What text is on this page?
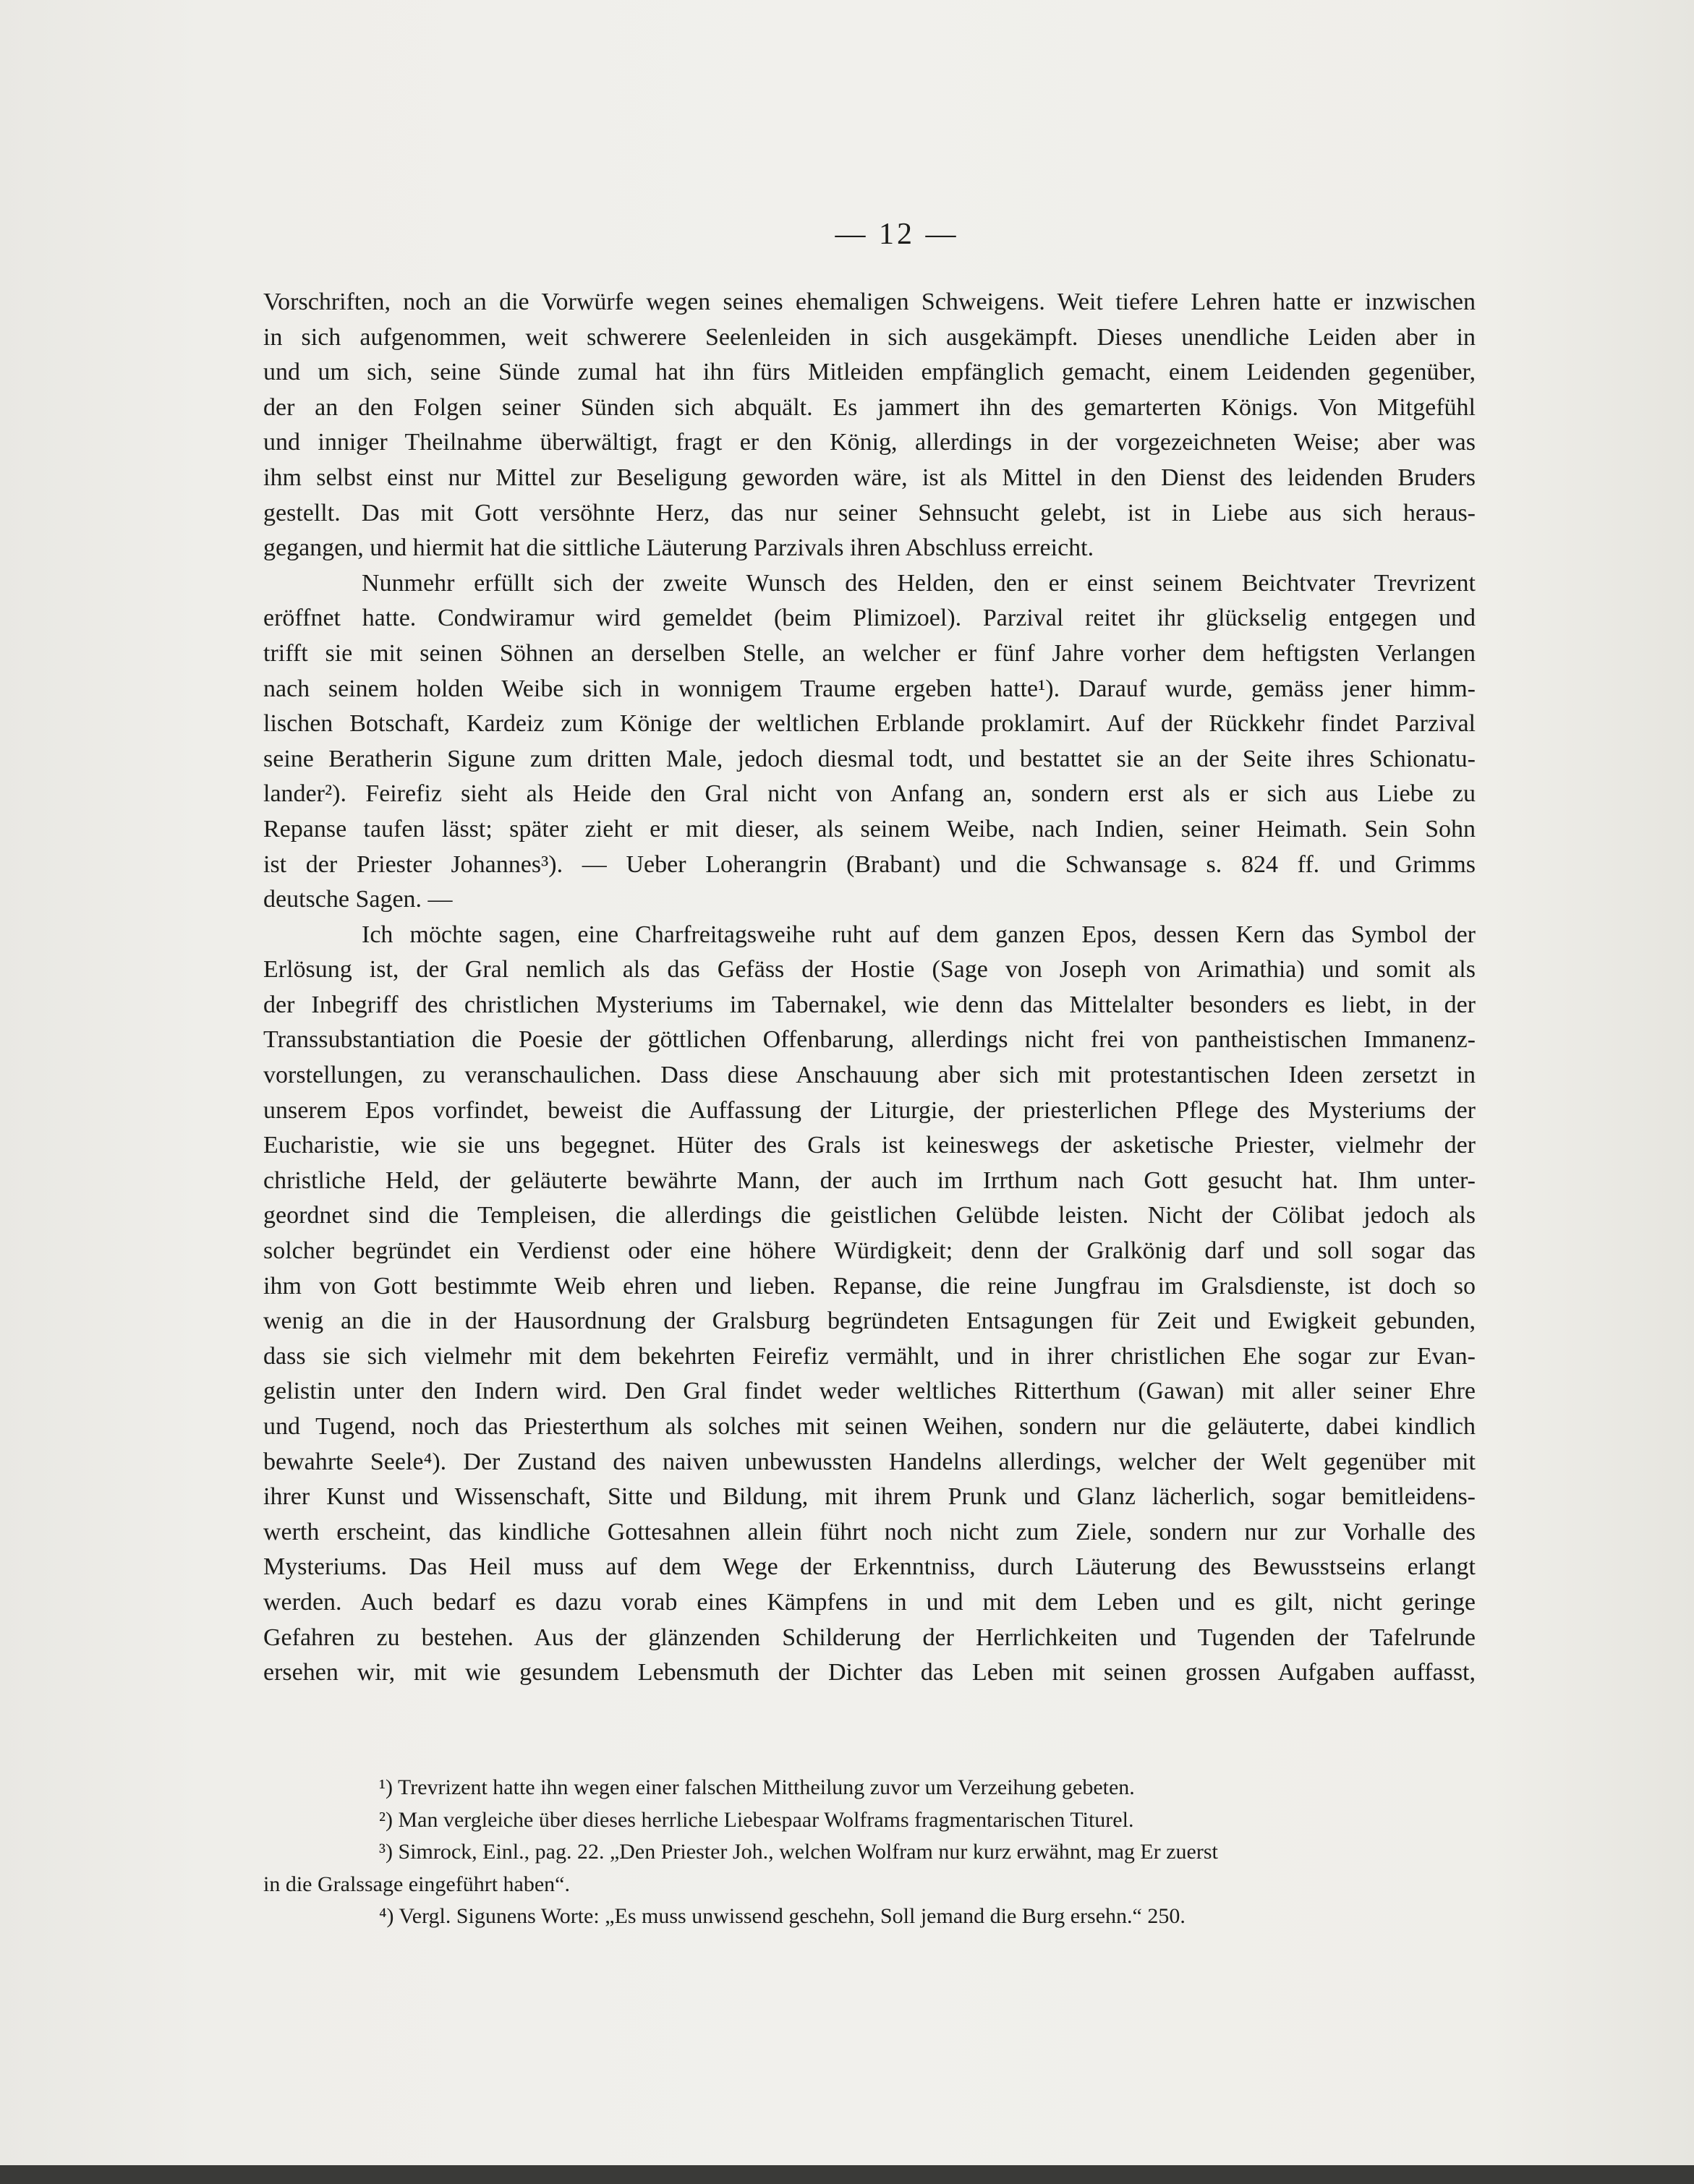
— 12 —
Vorschriften, noch an die Vorwürfe wegen seines ehemaligen Schweigens. Weit tiefere Lehren hatte er inzwischen
in sich aufgenommen, weit schwerere Seelenleiden in sich ausgekämpft. Dieses unendliche Leiden aber in
und um sich, seine Sünde zumal hat ihn fürs Mitleiden empfänglich gemacht, einem Leidenden gegenüber,
der an den Folgen seiner Sünden sich abquält. Es jammert ihn des gemarterten Königs. Von Mitgefühl
und inniger Theilnahme überwältigt, fragt er den König, allerdings in der vorgezeichneten Weise; aber was
ihm selbst einst nur Mittel zur Beseligung geworden wäre, ist als Mittel in den Dienst des leidenden Bruders
gestellt. Das mit Gott versöhnte Herz, das nur seiner Sehnsucht gelebt, ist in Liebe aus sich heraus-
gegangen, und hiermit hat die sittliche Läuterung Parzivals ihren Abschluss erreicht.
Nunmehr erfüllt sich der zweite Wunsch des Helden, den er einst seinem Beichtvater Trevrizent
eröffnet hatte. Condwiramur wird gemeldet (beim Plimizoel). Parzival reitet ihr glückselig entgegen und
trifft sie mit seinen Söhnen an derselben Stelle, an welcher er fünf Jahre vorher dem heftigsten Verlangen
nach seinem holden Weibe sich in wonnigem Traume ergeben hatte¹). Darauf wurde, gemäss jener himm-
lischen Botschaft, Kardeiz zum Könige der weltlichen Erblande proklamirt. Auf der Rückkehr findet Parzival
seine Beratherin Sigune zum dritten Male, jedoch diesmal todt, und bestattet sie an der Seite ihres Schionatu-
lander²). Feirefiz sieht als Heide den Gral nicht von Anfang an, sondern erst als er sich aus Liebe zu
Repanse taufen lässt; später zieht er mit dieser, als seinem Weibe, nach Indien, seiner Heimath. Sein Sohn
ist der Priester Johannes³). — Ueber Loherangrin (Brabant) und die Schwansage s. 824 ff. und Grimms
deutsche Sagen. —
Ich möchte sagen, eine Charfreitagsweihe ruht auf dem ganzen Epos, dessen Kern das Symbol der
Erlösung ist, der Gral nemlich als das Gefäss der Hostie (Sage von Joseph von Arimathia) und somit als
der Inbegriff des christlichen Mysteriums im Tabernakel, wie denn das Mittelalter besonders es liebt, in der
Transsubstantiation die Poesie der göttlichen Offenbarung, allerdings nicht frei von pantheistischen Immanenz-
vorstellungen, zu veranschaulichen. Dass diese Anschauung aber sich mit protestantischen Ideen zersetzt in
unserem Epos vorfindet, beweist die Auffassung der Liturgie, der priesterlichen Pflege des Mysteriums der
Eucharistie, wie sie uns begegnet. Hüter des Grals ist keineswegs der asketische Priester, vielmehr der
christliche Held, der geläuterte bewährte Mann, der auch im Irrthum nach Gott gesucht hat. Ihm unter-
geordnet sind die Templeisen, die allerdings die geistlichen Gelübde leisten. Nicht der Cölibat jedoch als
solcher begründet ein Verdienst oder eine höhere Würdigkeit; denn der Gralkönig darf und soll sogar das
ihm von Gott bestimmte Weib ehren und lieben. Repanse, die reine Jungfrau im Gralsdienste, ist doch so
wenig an die in der Hausordnung der Gralsburg begründeten Entsagungen für Zeit und Ewigkeit gebunden,
dass sie sich vielmehr mit dem bekehrten Feirefiz vermählt, und in ihrer christlichen Ehe sogar zur Evan-
gelistin unter den Indern wird. Den Gral findet weder weltliches Ritterthum (Gawan) mit aller seiner Ehre
und Tugend, noch das Priesterthum als solches mit seinen Weihen, sondern nur die geläuterte, dabei kindlich
bewahrte Seele⁴). Der Zustand des naiven unbewussten Handelns allerdings, welcher der Welt gegenüber mit
ihrer Kunst und Wissenschaft, Sitte und Bildung, mit ihrem Prunk und Glanz lächerlich, sogar bemitleidens-
werth erscheint, das kindliche Gottesahnen allein führt noch nicht zum Ziele, sondern nur zur Vorhalle des
Mysteriums. Das Heil muss auf dem Wege der Erkenntniss, durch Läuterung des Bewusstseins erlangt
werden. Auch bedarf es dazu vorab eines Kämpfens in und mit dem Leben und es gilt, nicht geringe
Gefahren zu bestehen. Aus der glänzenden Schilderung der Herrlichkeiten und Tugenden der Tafelrunde
ersehen wir, mit wie gesundem Lebensmuth der Dichter das Leben mit seinen grossen Aufgaben auffasst,
¹) Trevrizent hatte ihn wegen einer falschen Mittheilung zuvor um Verzeihung gebeten.
²) Man vergleiche über dieses herrliche Liebespaar Wolframs fragmentarischen Titurel.
³) Simrock, Einl., pag. 22. „Den Priester Joh., welchen Wolfram nur kurz erwähnt, mag Er zuerst
in die Gralssage eingeführt haben“.
⁴) Vergl. Sigunens Worte: „Es muss unwissend geschehn, Soll jemand die Burg ersehn.“ 250.
